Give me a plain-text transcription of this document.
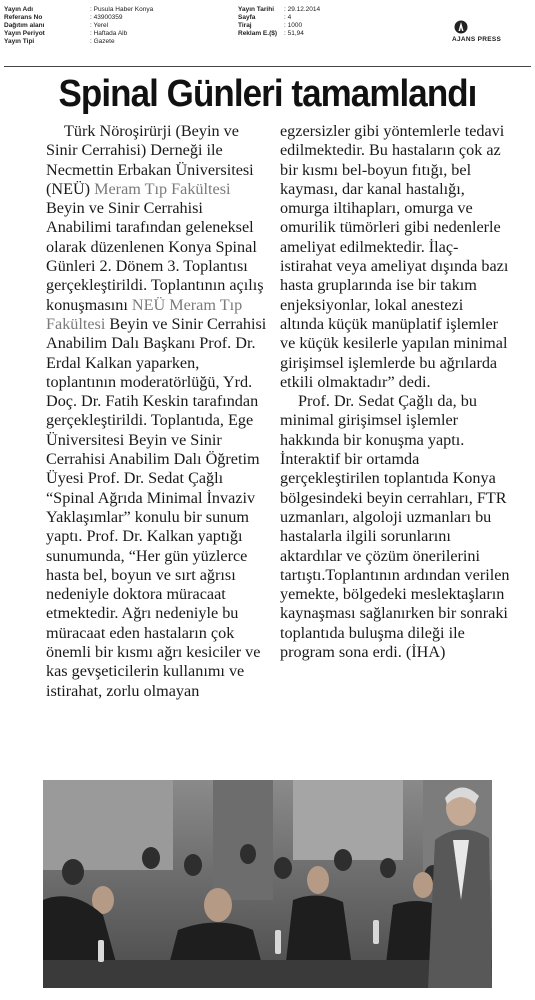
Yayın Adı	: Pusula Haber Konya
Referans No	: 43900359
Dağıtım alanı	: Yerel
Yayın Periyot	: Haftada Alb
Yayın Tipi	: Gazete
Yayın Tarihi : 29.12.2014
Sayfa	: 4
Tiraj	: 1000
Reklam E.($) : 51,94
AJANS PRESS
Spinal Günleri tamamlandı

Türk Nöroşirürji (Beyin ve Sinir Cerrahisi) Derneği ile Necmettin Erbakan Üniversitesi (NEÜ) Meram Tıp Fakültesi Beyin ve Sinir Cerrahisi Anabilimi tarafından geleneksel olarak düzenlenen Konya Spinal Günleri 2. Dönem 3. Toplantısı gerçekleştirildi. Toplantının açılış konuşmasını NEÜ Meram Tıp Fakültesi Beyin ve Sinir Cerrahisi Anabilim Dalı Başkanı Prof. Dr. Erdal Kalkan yaparken, toplantının moderatörlüğü, Yrd. Doç. Dr. Fatih Keskin tarafından gerçekleştirildi. Toplantıda, Ege Üniversitesi Beyin ve Sinir Cerrahisi Anabilim Dalı Öğretim Üyesi Prof. Dr. Sedat Çağlı “Spinal Ağrıda Minimal İnvaziv Yaklaşımlar” konulu bir sunum yaptı. Prof. Dr. Kalkan yaptığı sunumunda, “Her gün yüzlerce hasta bel, boyun ve sırt ağrısı nedeniyle doktora müracaat etmektedir. Ağrı nedeniyle bu müracaat eden hastaların çok önemli bir kısmı ağrı kesiciler ve kas gevşeticilerin kullanımı ve istirahat, zorlu olmayan

egzersizler gibi yöntemlerle tedavi edilmektedir. Bu hastaların çok az bir kısmı bel-boyun fıtığı, bel kayması, dar kanal hastalığı, omurga iltihapları, omurga ve omurilik tümörleri gibi nedenlerle ameliyat edilmektedir. İlaç-istirahat veya ameliyat dışında bazı hasta gruplarında ise bir takım enjeksiyonlar, lokal anestezi altında küçük manüplatif işlemler ve küçük kesilerle yapılan minimal girişimsel işlemlerde bu ağrılarda etkili olmaktadır” dedi.

Prof. Dr. Sedat Çağlı da, bu minimal girişimsel işlemler hakkında bir konuşma yaptı. İnteraktif bir ortamda gerçekleştirilen toplantıda Konya bölgesindeki beyin cerrahları, FTR uzmanları, algoloji uzmanları bu hastalarla ilgili sorunlarını aktardılar ve çözüm önerilerini tartıştı.Toplantının ardından verilen yemekte, bölgedeki meslektaşların kaynaşması sağlanırken bir sonraki toplantıda buluşma dileği ile program sona erdi. (İHA)
